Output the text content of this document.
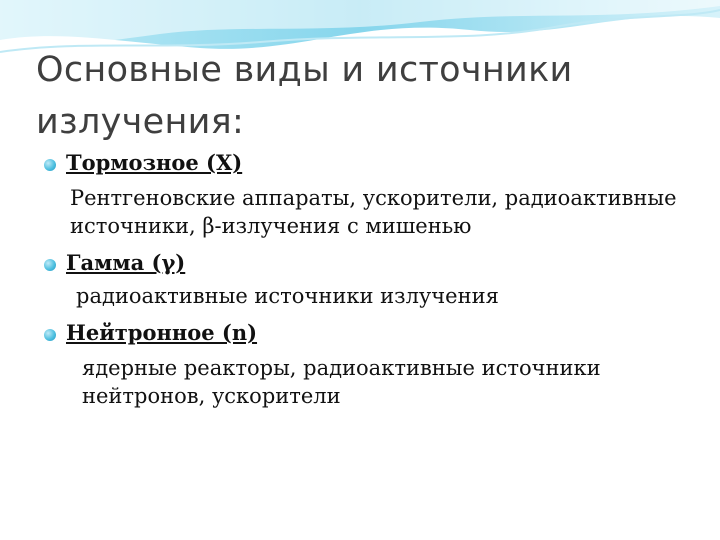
Основные виды и источники излучения:
Тормозное (Х)
Рентгеновские аппараты, ускорители, радиоактивные источники, β-излучения с мишенью
Гамма (γ)
радиоактивные источники излучения
Нейтронное (n)
ядерные реакторы, радиоактивные источники нейтронов, ускорители
